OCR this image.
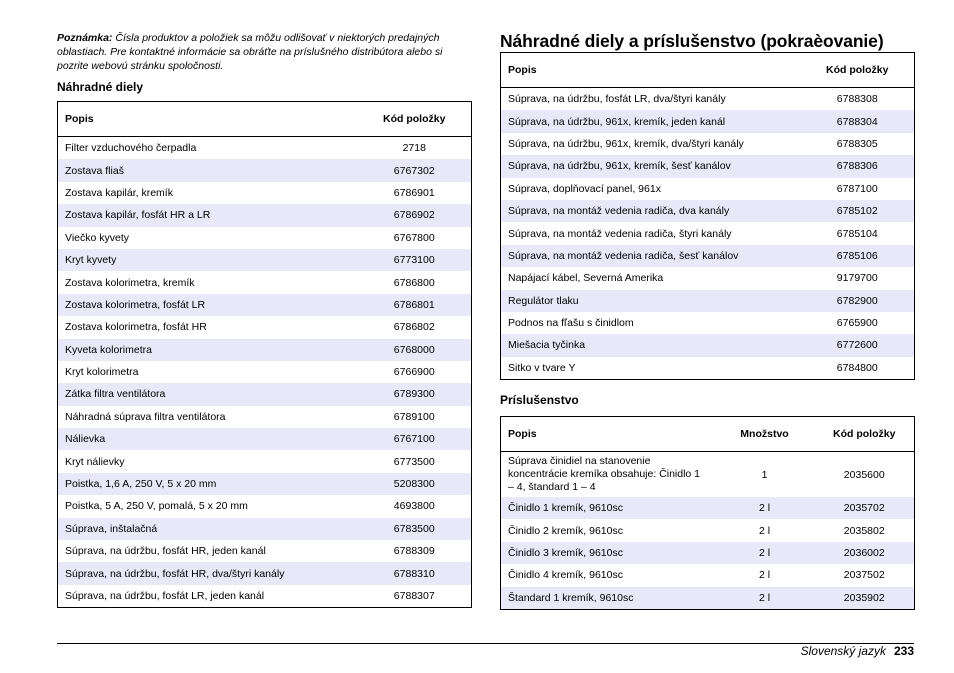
Poznámka: Čísla produktov a položiek sa môžu odlišovať v niektorých predajných oblastiach. Pre kontaktné informácie sa obráťte na príslušného distribútora alebo si pozrite webovú stránku spoločnosti.
Náhradné diely
Popis	Kód položky
Filter vzduchového čerpadla	2718
Zostava fliaš	6767302
Zostava kapilár, kremík	6786901
Zostava kapilár, fosfát HR a LR	6786902
Viečko kyvety	6767800
Kryt kyvety	6773100
Zostava kolorimetra, kremík	6786800
Zostava kolorimetra, fosfát LR	6786801
Zostava kolorimetra, fosfát HR	6786802
Kyveta kolorimetra	6768000
Kryt kolorimetra	6766900
Zátka filtra ventilátora	6789300
Náhradná súprava filtra ventilátora	6789100
Nálievka	6767100
Kryt nálievky	6773500
Poistka, 1,6 A, 250 V, 5 x 20 mm	5208300
Poistka, 5 A, 250 V, pomalá, 5 x 20 mm	4693800
Súprava, inštalačná	6783500
Súprava, na údržbu, fosfát HR, jeden kanál	6788309
Súprava, na údržbu, fosfát HR, dva/štyri kanály	6788310
Súprava, na údržbu, fosfát LR, jeden kanál	6788307
Náhradné diely a príslušenstvo (pokraèovanie)
Popis	Kód položky
Súprava, na údržbu, fosfát LR, dva/štyri kanály	6788308
Súprava, na údržbu, 961x, kremík, jeden kanál	6788304
Súprava, na údržbu, 961x, kremík, dva/štyri kanály	6788305
Súprava, na údržbu, 961x, kremík, šesť kanálov	6788306
Súprava, doplňovací panel, 961x	6787100
Súprava, na montáž vedenia radiča, dva kanály	6785102
Súprava, na montáž vedenia radiča, štyri kanály	6785104
Súprava, na montáž vedenia radiča, šesť kanálov	6785106
Napájací kábel, Severná Amerika	9179700
Regulátor tlaku	6782900
Podnos na fľašu s činidlom	6765900
Miešacia tyčinka	6772600
Sitko v tvare Y	6784800
Príslušenstvo
Popis	Množstvo	Kód položky
Súprava činidiel na stanovenie koncentrácie kremíka obsahuje: Činidlo 1 – 4, štandard 1 – 4	1	2035600
Činidlo 1 kremík, 9610sc	2 l	2035702
Činidlo 2 kremík, 9610sc	2 l	2035802
Činidlo 3 kremík, 9610sc	2 l	2036002
Činidlo 4 kremík, 9610sc	2 l	2037502
Štandard 1 kremík, 9610sc	2 l	2035902
Slovenský jazyk 233
